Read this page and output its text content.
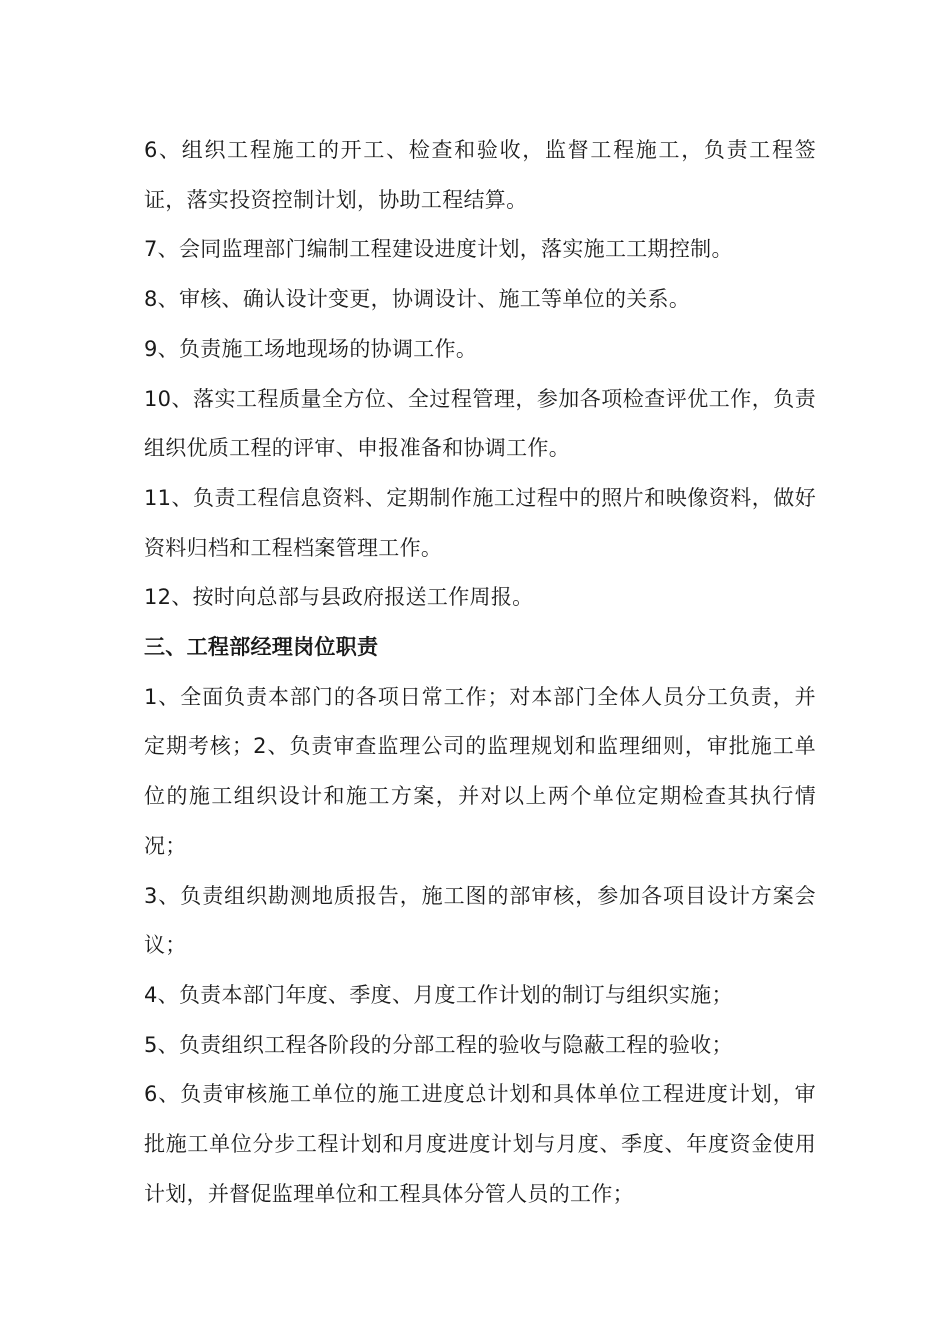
6、组织工程施工的开工、检查和验收，监督工程施工，负责工程签证，落实投资控制计划，协助工程结算。

7、会同监理部门编制工程建设进度计划，落实施工工期控制。

8、审核、确认设计变更，协调设计、施工等单位的关系。

9、负责施工场地现场的协调工作。

10、落实工程质量全方位、全过程管理，参加各项检查评优工作，负责组织优质工程的评审、申报准备和协调工作。

11、负责工程信息资料、定期制作施工过程中的照片和映像资料，做好资料归档和工程档案管理工作。

12、按时向总部与县政府报送工作周报。

三、工程部经理岗位职责

1、全面负责本部门的各项日常工作；对本部门全体人员分工负责，并定期考核；2、负责审查监理公司的监理规划和监理细则，审批施工单位的施工组织设计和施工方案，并对以上两个单位定期检查其执行情况；

3、负责组织勘测地质报告，施工图的部审核，参加各项目设计方案会议；

4、负责本部门年度、季度、月度工作计划的制订与组织实施；

5、负责组织工程各阶段的分部工程的验收与隐蔽工程的验收；

6、负责审核施工单位的施工进度总计划和具体单位工程进度计划，审批施工单位分步工程计划和月度进度计划与月度、季度、年度资金使用计划，并督促监理单位和工程具体分管人员的工作；
